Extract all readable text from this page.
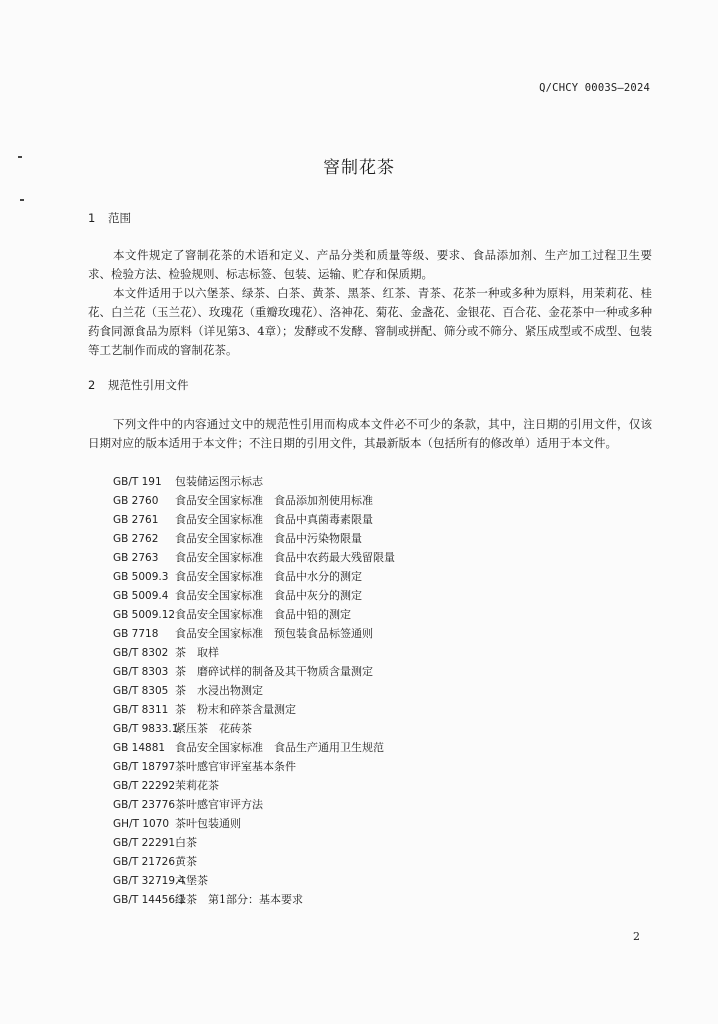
Q/CHCY 0003S—2024
窨制花茶
1 范围

本文件规定了窨制花茶的术语和定义、产品分类和质量等级、要求、食品添加剂、生产加工过程卫生要求、检验方法、检验规则、标志标签、包装、运输、贮存和保质期。

本文件适用于以六堡茶、绿茶、白茶、黄茶、黑茶、红茶、青茶、花茶一种或多种为原料，用茉莉花、桂花、白兰花（玉兰花）、玫瑰花（重瓣玫瑰花）、洛神花、菊花、金盏花、金银花、百合花、金花茶中一种或多种药食同源食品为原料（详见第3、4章）；发酵或不发酵、窨制或拼配、筛分或不筛分、紧压成型或不成型、包装等工艺制作而成的窨制花茶。

2 规范性引用文件

下列文件中的内容通过文中的规范性引用而构成本文件必不可少的条款，其中，注日期的引用文件，仅该日期对应的版本适用于本文件；不注日期的引用文件，其最新版本（包括所有的修改单）适用于本文件。

GB/T 191 包装储运图示标志
GB 2760 食品安全国家标准　食品添加剂使用标准
GB 2761 食品安全国家标准　食品中真菌毒素限量
GB 2762 食品安全国家标准　食品中污染物限量
GB 2763 食品安全国家标准　食品中农药最大残留限量
GB 5009.3 食品安全国家标准　食品中水分的测定
GB 5009.4 食品安全国家标准　食品中灰分的测定
GB 5009.12食品安全国家标准　食品中铅的测定
GB 7718 食品安全国家标准　预包装食品标签通则
GB/T 8302 茶　取样
GB/T 8303 茶　磨碎试样的制备及其干物质含量测定
GB/T 8305 茶　水浸出物测定
GB/T 8311 茶　粉末和碎茶含量测定
GB/T 9833.1紧压茶　花砖茶
GB 14881 食品安全国家标准　食品生产通用卫生规范
GB/T 18797茶叶感官审评室基本条件
GB/T 22292茉莉花茶
GB/T 23776茶叶感官审评方法
GH/T 1070 茶叶包装通则
GB/T 22291白茶
GB/T 21726黄茶
GB/T 32719.4六堡茶
GB/T 14456.1绿茶　第1部分：基本要求
2
